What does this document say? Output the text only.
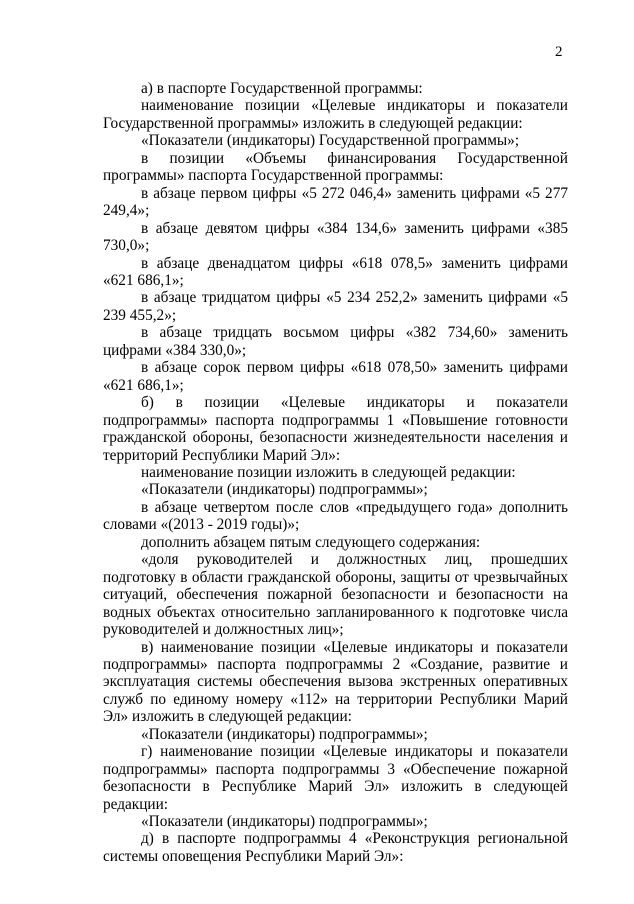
2

а) в паспорте Государственной программы:

наименование позиции «Целевые индикаторы и показатели Государственной программы» изложить в следующей редакции:

«Показатели (индикаторы) Государственной программы»;

в позиции «Объемы финансирования Государственной программы» паспорта Государственной программы:

в абзаце первом цифры «5 272 046,4» заменить цифрами «5 277 249,4»;

в абзаце девятом цифры «384 134,6» заменить цифрами «385 730,0»;

в абзаце двенадцатом цифры «618 078,5» заменить цифрами «621 686,1»;

в абзаце тридцатом цифры «5 234 252,2» заменить цифрами «5 239 455,2»;

в абзаце тридцать восьмом цифры «382 734,60» заменить цифрами «384 330,0»;

в абзаце сорок первом цифры «618 078,50» заменить цифрами «621 686,1»;

б) в позиции «Целевые индикаторы и показатели подпрограммы» паспорта подпрограммы 1 «Повышение готовности гражданской обороны, безопасности жизнедеятельности населения и территорий Республики Марий Эл»:

наименование позиции изложить в следующей редакции:

«Показатели (индикаторы) подпрограммы»;

в абзаце четвертом после слов «предыдущего года» дополнить словами «(2013 - 2019 годы)»;

дополнить абзацем пятым следующего содержания:

«доля руководителей и должностных лиц, прошедших подготовку в области гражданской обороны, защиты от чрезвычайных ситуаций, обеспечения пожарной безопасности и безопасности на водных объектах относительно запланированного к подготовке числа руководителей и должностных лиц»;

в) наименование позиции «Целевые индикаторы и показатели подпрограммы» паспорта подпрограммы 2 «Создание, развитие и эксплуатация системы обеспечения вызова экстренных оперативных служб по единому номеру «112» на территории Республики Марий Эл» изложить в следующей редакции:

«Показатели (индикаторы) подпрограммы»;

г) наименование позиции «Целевые индикаторы и показатели подпрограммы» паспорта подпрограммы 3 «Обеспечение пожарной безопасности в Республике Марий Эл» изложить в следующей редакции:

«Показатели (индикаторы) подпрограммы»;

д) в паспорте подпрограммы 4 «Реконструкция региональной системы оповещения Республики Марий Эл»:
